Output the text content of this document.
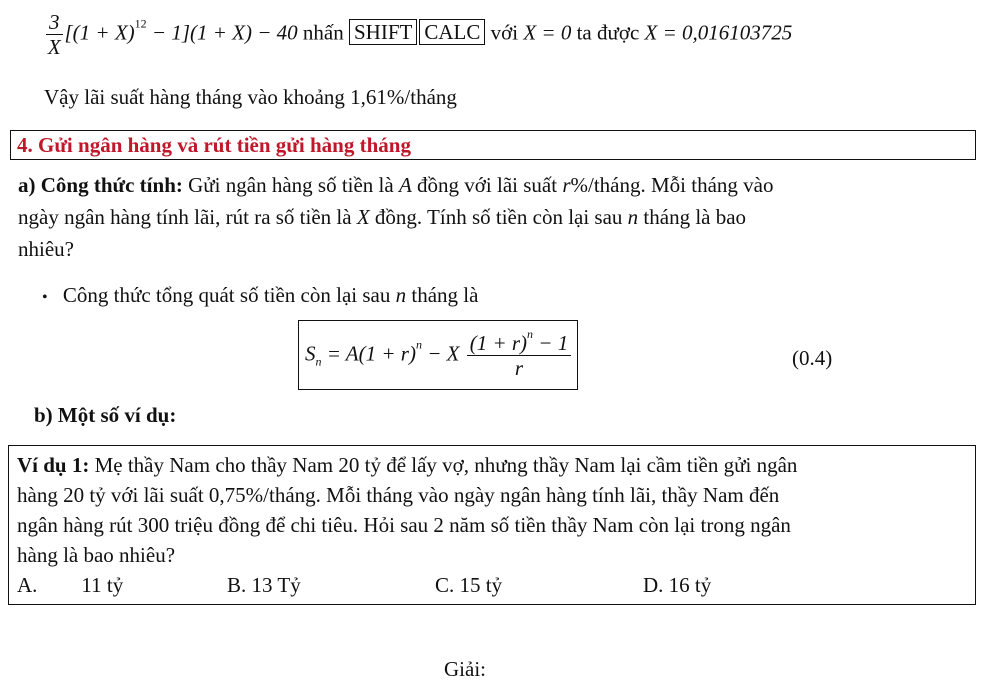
$\frac{3}{X} [(1 + X)^{12} - 1](1 + X) - 40$ nhấn SHIFT CALC với X = 0 ta được X = 0,016103725
Vậy lãi suất hàng tháng vào khoảng 1,61%/tháng
4. Gửi ngân hàng và rút tiền gửi hàng tháng
a) Công thức tính: Gửi ngân hàng số tiền là A đồng với lãi suất r%/tháng. Mỗi tháng vào
ngày ngân hàng tính lãi, rút ra số tiền là X đồng. Tính số tiền còn lại sau n tháng là bao
nhiêu?
• Công thức tổng quát số tiền còn lại sau n tháng là
$S_n = A(1 + r)^n - X \frac{(1 + r)^n - 1}{r}$	(0.4)
b) Một số ví dụ:
Ví dụ 1: Mẹ thầy Nam cho thầy Nam 20 tỷ để lấy vợ, nhưng thầy Nam lại cầm tiền gửi ngân
hàng 20 tỷ với lãi suất 0,75%/tháng. Mỗi tháng vào ngày ngân hàng tính lãi, thầy Nam đến
ngân hàng rút 300 triệu đồng để chi tiêu. Hỏi sau 2 năm số tiền thầy Nam còn lại trong ngân
hàng là bao nhiêu?
A. 11 tỷ	B. 13 Tỷ	C. 15 tỷ	D. 16 tỷ
Giải:
